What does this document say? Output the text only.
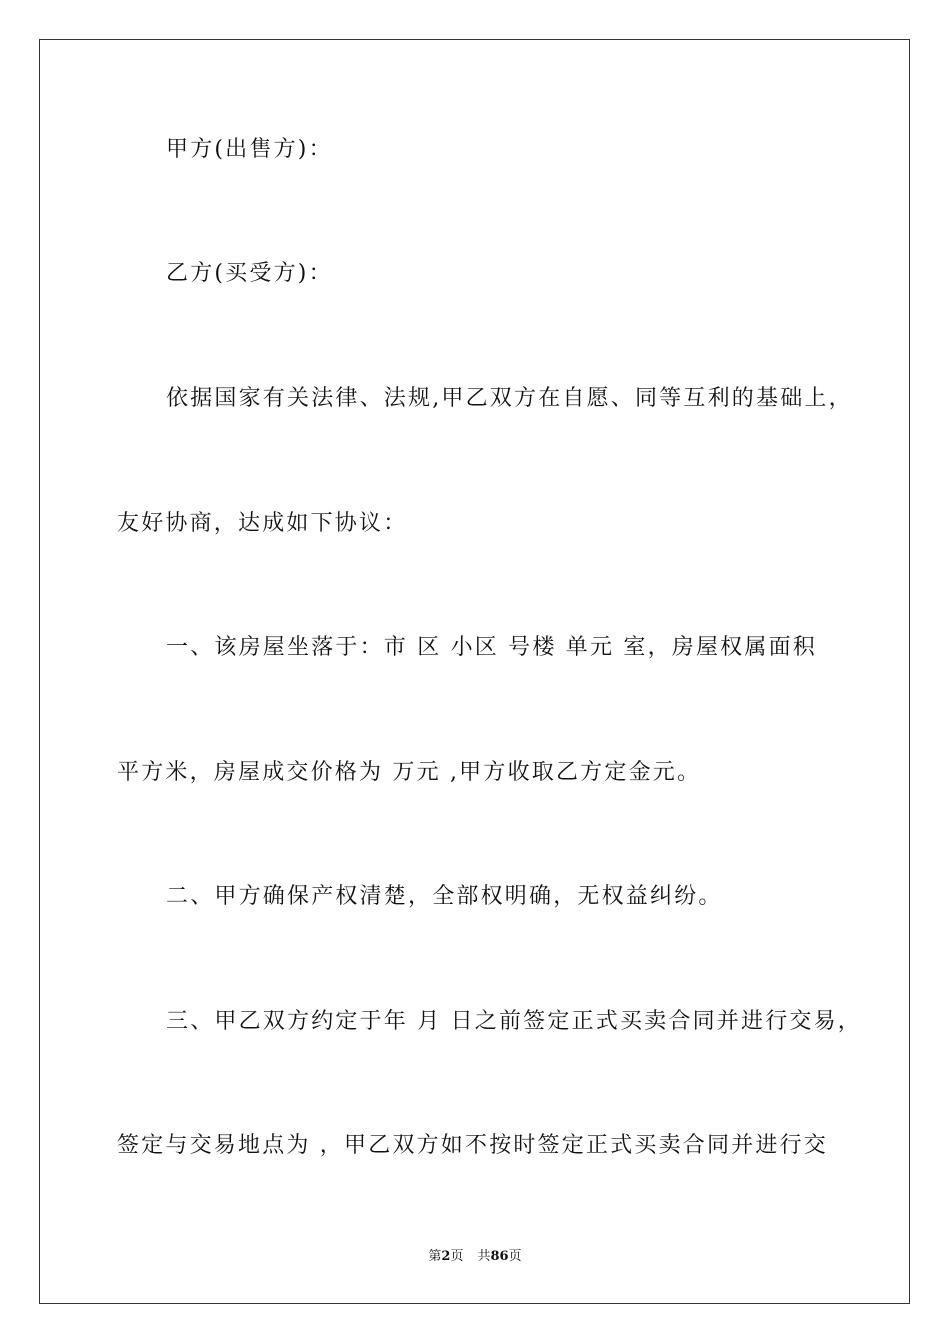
甲方(出售方)：
乙方(买受方)：
依据国家有关法律、法规,甲乙双方在自愿、同等互利的基础上，
友好协商，达成如下协议：
一、该房屋坐落于：市 区 小区 号楼 单元 室，房屋权属面积
平方米，房屋成交价格为 万元 ,甲方收取乙方定金元。
二、甲方确保产权清楚，全部权明确，无权益纠纷。
三、甲乙双方约定于年 月 日之前签定正式买卖合同并进行交易，
签定与交易地点为 ，甲乙双方如不按时签定正式买卖合同并进行交
第2页 共86页
